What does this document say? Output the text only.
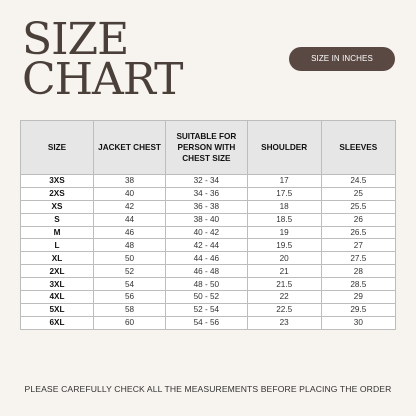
SIZE
CHART	SIZE IN INCHES
SIZE	JACKET CHEST	SUITABLE FOR PERSON WITH CHEST SIZE	SHOULDER	SLEEVES
3XS	38	32 - 34	17	24.5
2XS	40	34 - 36	17.5	25
XS	42	36 - 38	18	25.5
S	44	38 - 40	18.5	26
M	46	40 - 42	19	26.5
L	48	42 - 44	19.5	27
XL	50	44 - 46	20	27.5
2XL	52	46 - 48	21	28
3XL	54	48 - 50	21.5	28.5
4XL	56	50 - 52	22	29
5XL	58	52 - 54	22.5	29.5
6XL	60	54 - 56	23	30
PLEASE CAREFULLY CHECK ALL THE MEASUREMENTS BEFORE PLACING THE ORDER
